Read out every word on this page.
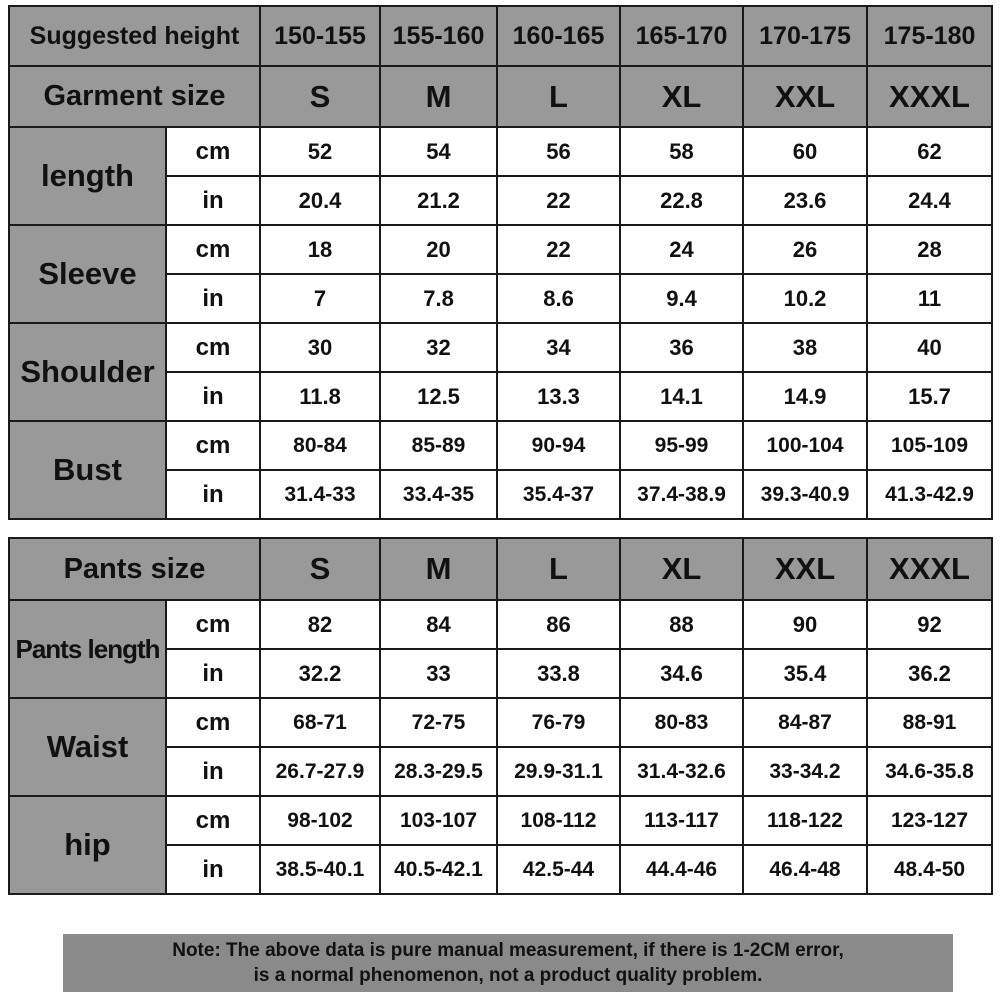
Suggested height		150-155	155-160	160-165	165-170	170-175	175-180
Garment size		S	M	L	XL	XXL	XXXL
length	cm	52	54	56	58	60	62
	in	20.4	21.2	22	22.8	23.6	24.4
Sleeve	cm	18	20	22	24	26	28
	in	7	7.8	8.6	9.4	10.2	11
Shoulder	cm	30	32	34	36	38	40
	in	11.8	12.5	13.3	14.1	14.9	15.7
Bust	cm	80-84	85-89	90-94	95-99	100-104	105-109
	in	31.4-33	33.4-35	35.4-37	37.4-38.9	39.3-40.9	41.3-42.9
Pants size		S	M	L	XL	XXL	XXXL
Pants length	cm	82	84	86	88	90	92
	in	32.2	33	33.8	34.6	35.4	36.2
Waist	cm	68-71	72-75	76-79	80-83	84-87	88-91
	in	26.7-27.9	28.3-29.5	29.9-31.1	31.4-32.6	33-34.2	34.6-35.8
hip	cm	98-102	103-107	108-112	113-117	118-122	123-127
	in	38.5-40.1	40.5-42.1	42.5-44	44.4-46	46.4-48	48.4-50
Note: The above data is pure manual measurement, if there is 1-2CM error,
is a normal phenomenon, not a product quality problem.
